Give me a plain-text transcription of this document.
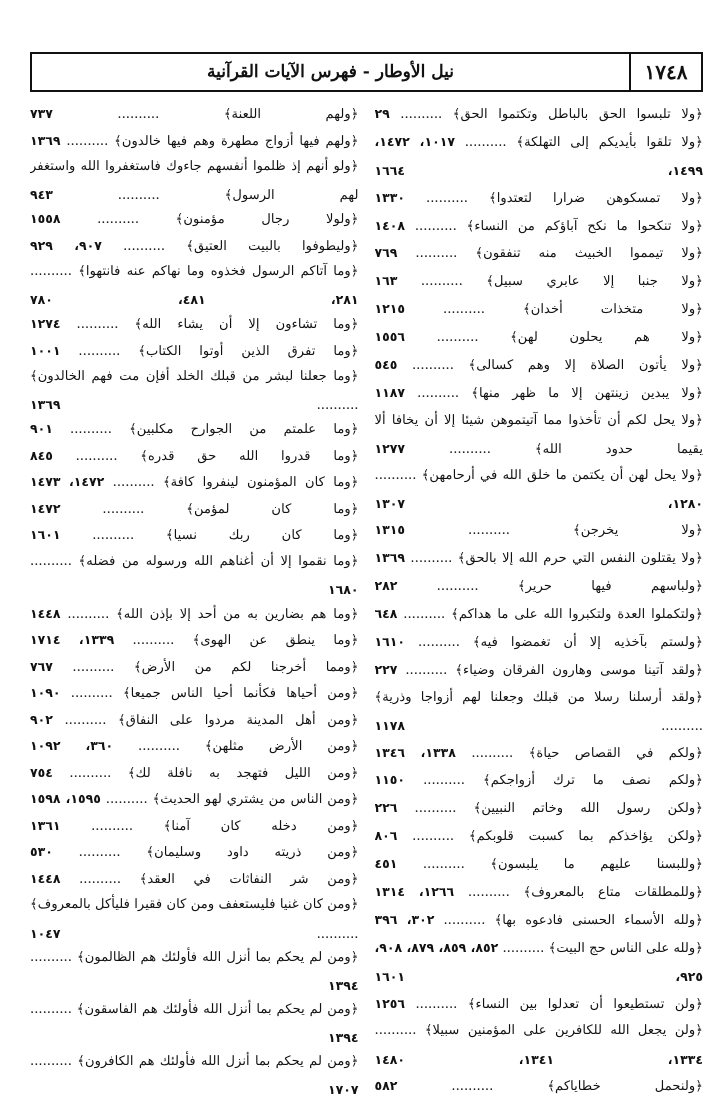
١٧٤٨
نيل الأوطار - فهرس الآيات القرآنية
﴿ولا تلبسوا الحق بالباطل وتكتموا الحق﴾ .......... ٢٩
﴿ولا تلقوا بأيديكم إلى التهلكة﴾ .......... ١٠١٧، ١٤٧٢، ١٤٩٩، ١٦٦٤
﴿ولا تمسكوهن ضرارا لتعتدوا﴾ .......... ١٣٣٠
﴿ولا تنكحوا ما نكح آباؤكم من النساء﴾ .......... ١٤٠٨
﴿ولا تيمموا الخبيث منه تنفقون﴾ .......... ٧٦٩
﴿ولا جنبا إلا عابري سبيل﴾ .......... ١٦٣
﴿ولا متخذات أخدان﴾ .......... ١٢١٥
﴿ولا هم يحلون لهن﴾ .......... ١٥٥٦
﴿ولا يأتون الصلاة إلا وهم كسالى﴾ .......... ٥٤٥
﴿ولا يبدين زينتهن إلا ما ظهر منها﴾ .......... ١١٨٧
﴿ولا يحل لكم أن تأخذوا مما آتيتموهن شيئا إلا أن يخافا ألا يقيما حدود الله﴾ .......... ١٢٧٧
﴿ولا يحل لهن أن يكتمن ما خلق الله في أرحامهن﴾ .......... ١٢٨٠، ١٣٠٧
﴿ولا يخرجن﴾ .......... ١٣١٥
﴿ولا يقتلون النفس التي حرم الله إلا بالحق﴾ .......... ١٣٦٩
﴿ولباسهم فيها حرير﴾ .......... ٢٨٢
﴿ولتكملوا العدة ولتكبروا الله على ما هداكم﴾ .......... ٦٤٨
﴿ولستم بآخذيه إلا أن تغمضوا فيه﴾ .......... ١٦١٠
﴿ولقد آتينا موسى وهارون الفرقان وضياء﴾ .......... ٢٢٧
﴿ولقد أرسلنا رسلا من قبلك وجعلنا لهم أزواجا وذرية﴾ .......... ١١٧٨
﴿ولكم في القصاص حياة﴾ .......... ١٣٣٨، ١٣٤٦
﴿ولكم نصف ما ترك أزواجكم﴾ .......... ١١٥٠
﴿ولكن رسول الله وخاتم النبيين﴾ .......... ٢٢٦
﴿ولكن يؤاخذكم بما كسبت قلوبكم﴾ .......... ٨٠٦
﴿وللبسنا عليهم ما يلبسون﴾ .......... ٤٥١
﴿وللمطلقات متاع بالمعروف﴾ .......... ١٢٦٦، ١٣١٤
﴿ولله الأسماء الحسنى فادعوه بها﴾ .......... ٣٠٢، ٣٩٦
﴿ولله على الناس حج البيت﴾ .......... ٨٥٢، ٨٥٩، ٨٧٩، ٩٠٨، ٩٢٥، ١٦٠١
﴿ولن تستطيعوا أن تعدلوا بين النساء﴾ .......... ١٢٥٦
﴿ولن يجعل الله للكافرين على المؤمنين سبيلا﴾ .......... ١٣٣٤، ١٣٤١، ١٤٨٠
﴿ولنحمل خطاياكم﴾ .......... ٥٨٢
﴿ولهم اللعنة﴾ .......... ٧٣٧
﴿ولهم فيها أزواج مطهرة وهم فيها خالدون﴾ .......... ١٣٦٩
﴿ولو أنهم إذ ظلموا أنفسهم جاءوك فاستغفروا الله واستغفر لهم الرسول﴾ .......... ٩٤٣
﴿ولولا رجال مؤمنون﴾ .......... ١٥٥٨
﴿وليطوفوا بالبيت العتيق﴾ .......... ٩٠٧، ٩٢٩
﴿وما آتاكم الرسول فخذوه وما نهاكم عنه فانتهوا﴾ .......... ٢٨١، ٤٨١، ٧٨٠
﴿وما تشاءون إلا أن يشاء الله﴾ .......... ١٢٧٤
﴿وما تفرق الذين أوتوا الكتاب﴾ .......... ١٠٠١
﴿وما جعلنا لبشر من قبلك الخلد أفإن مت فهم الخالدون﴾ .......... ١٣٦٩
﴿وما علمتم من الجوارح مكلبين﴾ .......... ٩٠١
﴿وما قدروا الله حق قدره﴾ .......... ٨٤٥
﴿وما كان المؤمنون لينفروا كافة﴾ .......... ١٤٧٢، ١٤٧٣
﴿وما كان لمؤمن﴾ .......... ١٤٧٢
﴿وما كان ربك نسيا﴾ .......... ١٦٠١
﴿وما نقموا إلا أن أغناهم الله ورسوله من فضله﴾ .......... ١٦٨٠
﴿وما هم بضارين به من أحد إلا بإذن الله﴾ .......... ١٤٤٨
﴿وما ينطق عن الهوى﴾ .......... ١٣٣٩، ١٧١٤
﴿ومما أخرجنا لكم من الأرض﴾ .......... ٧٦٧
﴿ومن أحياها فكأنما أحيا الناس جميعا﴾ .......... ١٠٩٠
﴿ومن أهل المدينة مردوا على النفاق﴾ .......... ٩٠٢
﴿ومن الأرض مثلهن﴾ .......... ٣٦٠، ١٠٩٢
﴿ومن الليل فتهجد به نافلة لك﴾ .......... ٧٥٤
﴿ومن الناس من يشتري لهو الحديث﴾ .......... ١٥٩٥، ١٥٩٨
﴿ومن دخله كان آمنا﴾ .......... ١٣٦١
﴿ومن ذريته داود وسليمان﴾ .......... ٥٣٠
﴿ومن شر النفاثات في العقد﴾ .......... ١٤٤٨
﴿ومن كان غنيا فليستعفف ومن كان فقيرا فليأكل بالمعروف﴾ .......... ١٠٤٧
﴿ومن لم يحكم بما أنزل الله فأولئك هم الظالمون﴾ .......... ١٣٩٤
﴿ومن لم يحكم بما أنزل الله فأولئك هم الفاسقون﴾ .......... ١٣٩٤
﴿ومن لم يحكم بما أنزل الله فأولئك هم الكافرون﴾ .......... ١٧٠٧
